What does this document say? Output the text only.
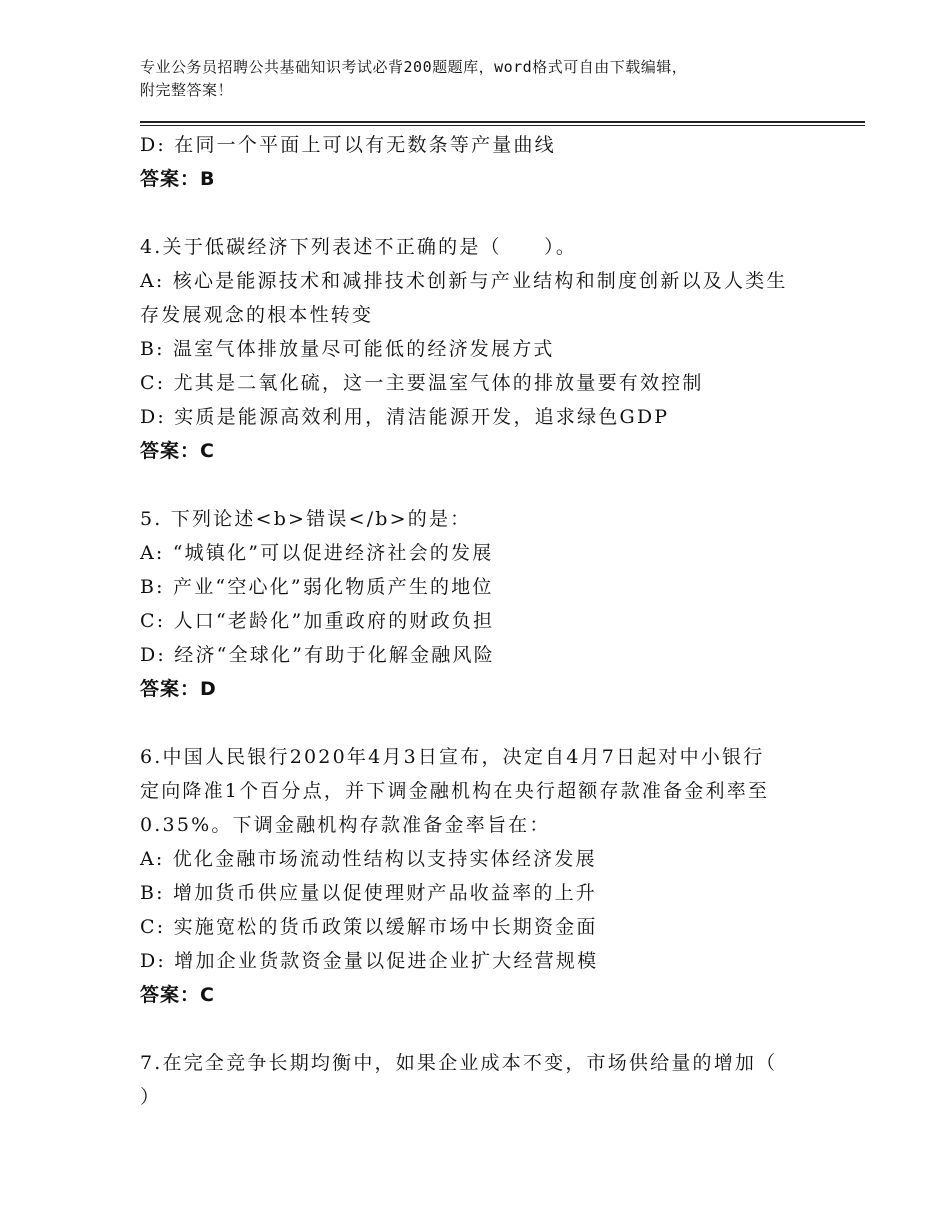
专业公务员招聘公共基础知识考试必背200题题库，word格式可自由下载编辑，
附完整答案！
D: 在同一个平面上可以有无数条等产量曲线
答案：B
4.关于低碳经济下列表述不正确的是（　　）。
A: 核心是能源技术和减排技术创新与产业结构和制度创新以及人类生
存发展观念的根本性转变
B: 温室气体排放量尽可能低的经济发展方式
C: 尤其是二氧化硫，这一主要温室气体的排放量要有效控制
D: 实质是能源高效利用，清洁能源开发，追求绿色GDP
答案：C
5. 下列论述<b>错误</b>的是：
A: “城镇化”可以促进经济社会的发展
B: 产业“空心化”弱化物质产生的地位
C: 人口“老龄化”加重政府的财政负担
D: 经济“全球化”有助于化解金融风险
答案：D
6.中国人民银行2020年4月3日宣布，决定自4月7日起对中小银行
定向降准1个百分点，并下调金融机构在央行超额存款准备金利率至
0.35%。下调金融机构存款准备金率旨在：
A: 优化金融市场流动性结构以支持实体经济发展
B: 增加货币供应量以促使理财产品收益率的上升
C: 实施宽松的货币政策以缓解市场中长期资金面
D: 增加企业货款资金量以促进企业扩大经营规模
答案：C
7.在完全竞争长期均衡中，如果企业成本不变，市场供给量的增加（
）
